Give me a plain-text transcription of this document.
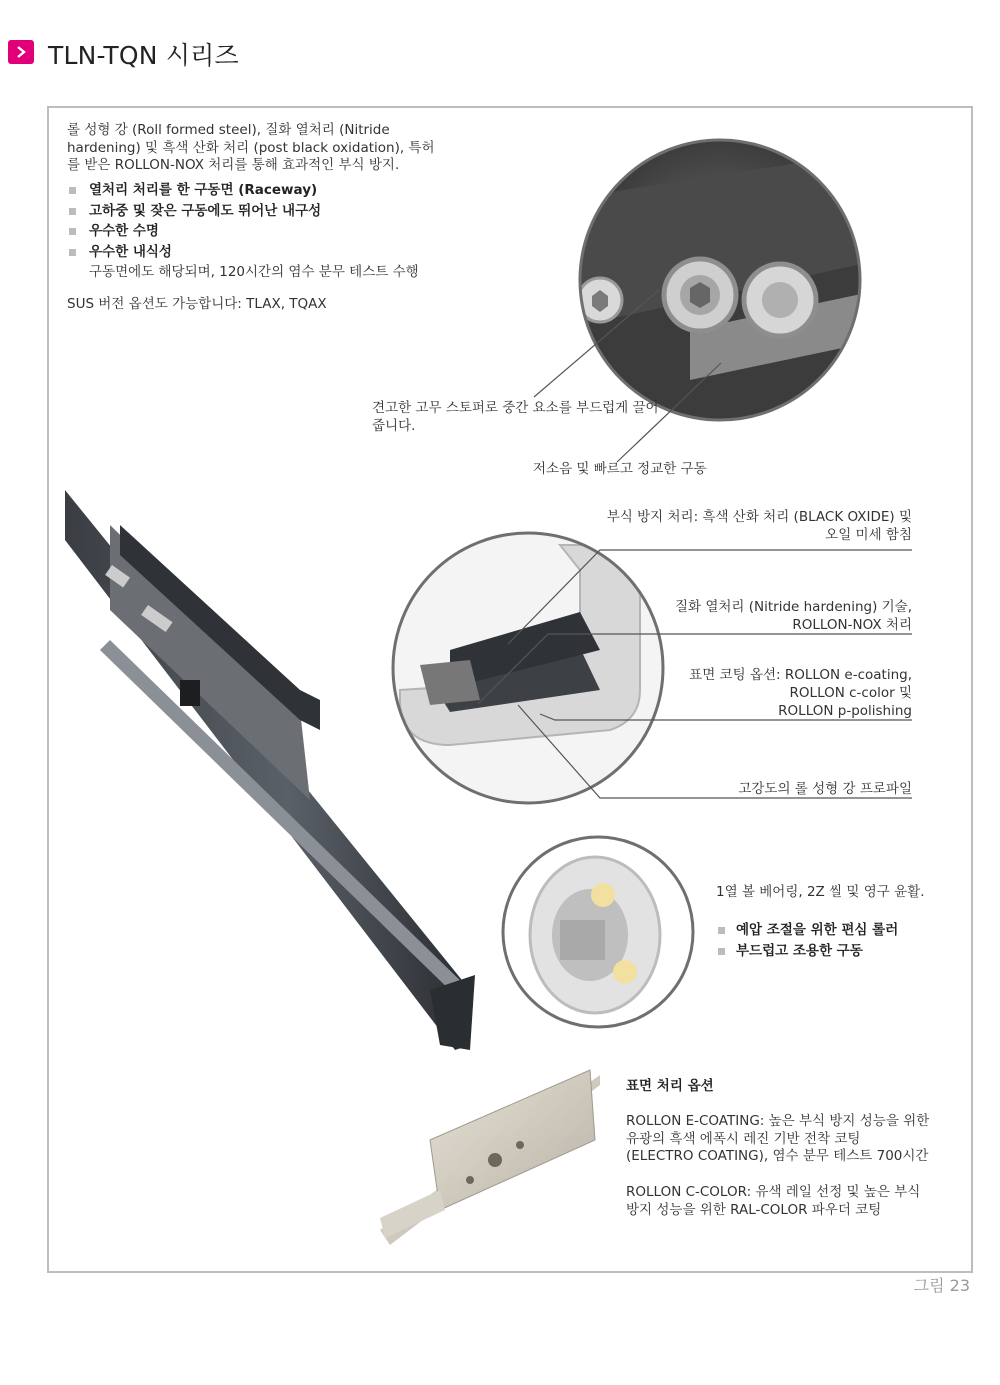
TLN-TQN 시리즈
롤 성형 강 (Roll formed steel), 질화 열처리 (Nitride hardening) 및 흑색 산화 처리 (post black oxidation), 특허를 받은 ROLLON-NOX 처리를 통해 효과적인 부식 방지.
열처리 처리를 한 구동면 (Raceway)
고하중 및 잦은 구동에도 뛰어난 내구성
우수한 수명
우수한 내식성
구동면에도 해당되며, 120시간의 염수 분무 테스트 수행
SUS 버전 옵션도 가능합니다: TLAX, TQAX
견고한 고무 스토퍼로 중간 요소를 부드럽게 끌어 줍니다.
저소음 및 빠르고 정교한 구동
부식 방지 처리: 흑색 산화 처리 (BLACK OXIDE) 및
오일 미세 함침
질화 열처리 (Nitride hardening) 기술,
ROLLON-NOX 처리
표면 코팅 옵션: ROLLON e-coating,
ROLLON c-color 및
ROLLON p-polishing
고강도의 롤 성형 강 프로파일
1열 볼 베어링, 2Z 씰 및 영구 윤활.
예압 조절을 위한 편심 롤러
부드럽고 조용한 구동
표면 처리 옵션
ROLLON E-COATING: 높은 부식 방지 성능을 위한 유광의 흑색 에폭시 레진 기반 전착 코팅 (ELECTRO COATING), 염수 분무 테스트 700시간
ROLLON C-COLOR: 유색 레일 선정 및 높은 부식 방지 성능을 위한 RAL-COLOR 파우더 코팅
그림 23
